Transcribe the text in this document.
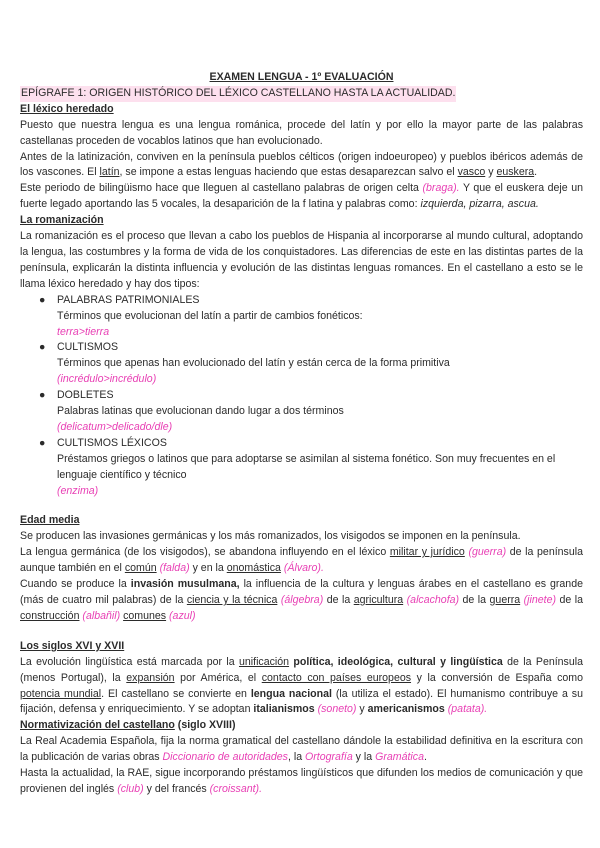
EXAMEN LENGUA - 1º EVALUACIÓN

EPÍGRAFE 1: ORIGEN HISTÓRICO DEL LÉXICO CASTELLANO HASTA LA ACTUALIDAD.

El léxico heredado

Puesto que nuestra lengua es una lengua románica, procede del latín y por ello la mayor parte de las palabras castellanas proceden de vocablos latinos que han evolucionado.

Antes de la latinización, conviven en la península pueblos célticos (origen indoeuropeo) y pueblos ibéricos además de los vascones. El latín, se impone a estas lenguas haciendo que estas desaparezcan salvo el vasco y euskera.

Este periodo de bilingüismo hace que lleguen al castellano palabras de origen celta (braga). Y que el euskera deje un fuerte legado aportando las 5 vocales, la desaparición de la f latina y palabras como: izquierda, pizarra, ascua.

La romanización

La romanización es el proceso que llevan a cabo los pueblos de Hispania al incorporarse al mundo cultural, adoptando la lengua, las costumbres y la forma de vida de los conquistadores. Las diferencias de este en las distintas partes de la península, explicarán la distinta influencia y evolución de las distintas lenguas romances. En el castellano a esto se le llama léxico heredado y hay dos tipos:

● PALABRAS PATRIMONIALES
Términos que evolucionan del latín a partir de cambios fonéticos:
terra>tierra
● CULTISMOS
Términos que apenas han evolucionado del latín y están cerca de la forma primitiva
(incrédulo>incrédulo)
● DOBLETES
Palabras latinas que evolucionan dando lugar a dos términos
(delicatum>delicado/dle)
● CULTISMOS LÉXICOS
Préstamos griegos o latinos que para adoptarse se asimilan al sistema fonético. Son muy frecuentes en el lenguaje científico y técnico
(enzima)

Edad media

Se producen las invasiones germánicas y los más romanizados, los visigodos se imponen en la península.

La lengua germánica (de los visigodos), se abandona influyendo en el léxico militar y jurídico (guerra) de la península aunque también en el común (falda) y en la onomástica (Álvaro).

Cuando se produce la invasión musulmana, la influencia de la cultura y lenguas árabes en el castellano es grande (más de cuatro mil palabras) de la ciencia y la técnica (álgebra) de la agricultura (alcachofa) de la guerra (jinete) de la construcción (albañil) comunes (azul)

Los siglos XVI y XVII

La evolución lingüística está marcada por la unificación política, ideológica, cultural y lingüística de la Península (menos Portugal), la expansión por América, el contacto con países europeos y la conversión de España como potencia mundial. El castellano se convierte en lengua nacional (la utiliza el estado). El humanismo contribuye a su fijación, defensa y enriquecimiento. Y se adoptan italianismos (soneto) y americanismos (patata).

Normativización del castellano (siglo XVIII)

La Real Academia Española, fija la norma gramatical del castellano dándole la estabilidad definitiva en la escritura con la publicación de varias obras Diccionario de autoridades, la Ortografía y la Gramática.

Hasta la actualidad, la RAE, sigue incorporando préstamos lingüísticos que difunden los medios de comunicación y que provienen del inglés (club) y del francés (croissant).
